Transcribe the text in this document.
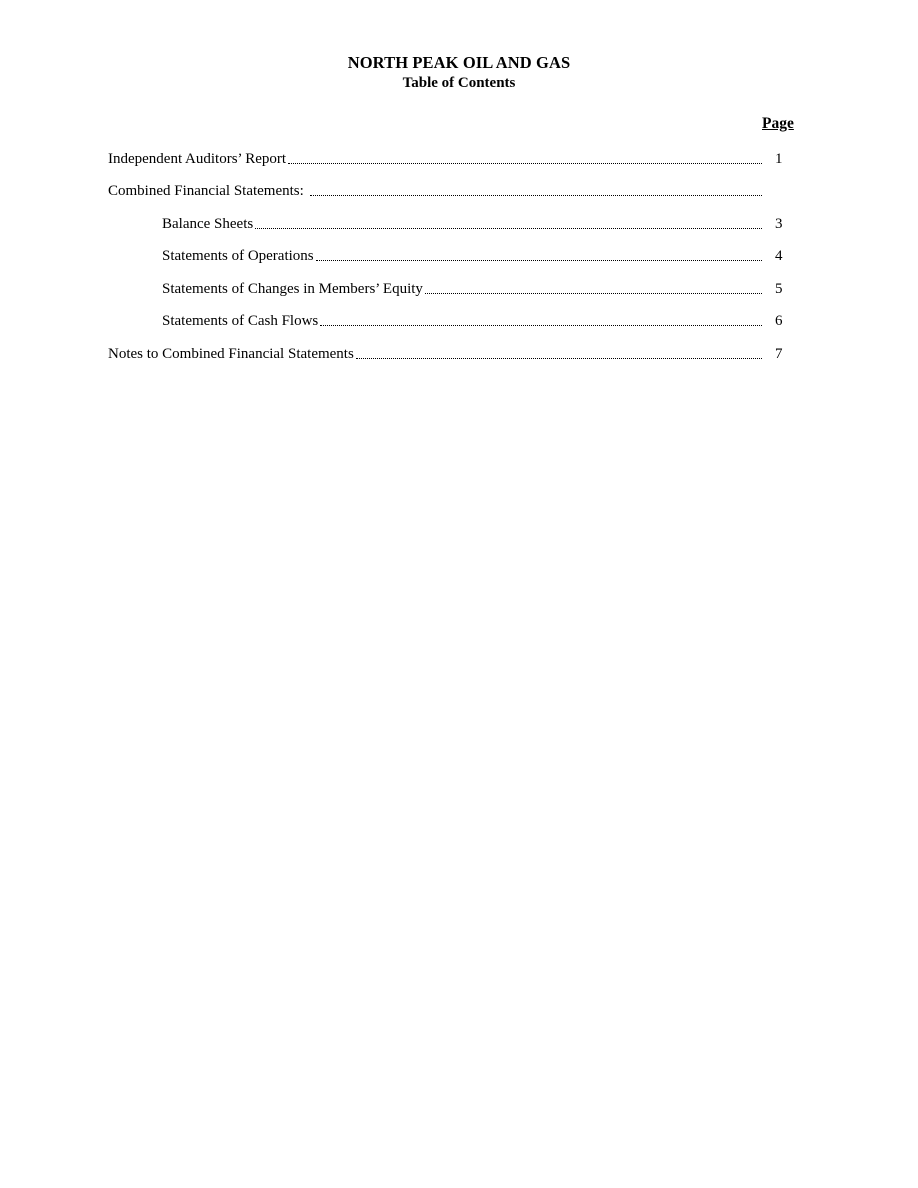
NORTH PEAK OIL AND GAS
Table of Contents
Page
Independent Auditors’ Report	1
Combined Financial Statements:
Balance Sheets	3
Statements of Operations	4
Statements of Changes in Members’ Equity	5
Statements of Cash Flows	6
Notes to Combined Financial Statements	7
